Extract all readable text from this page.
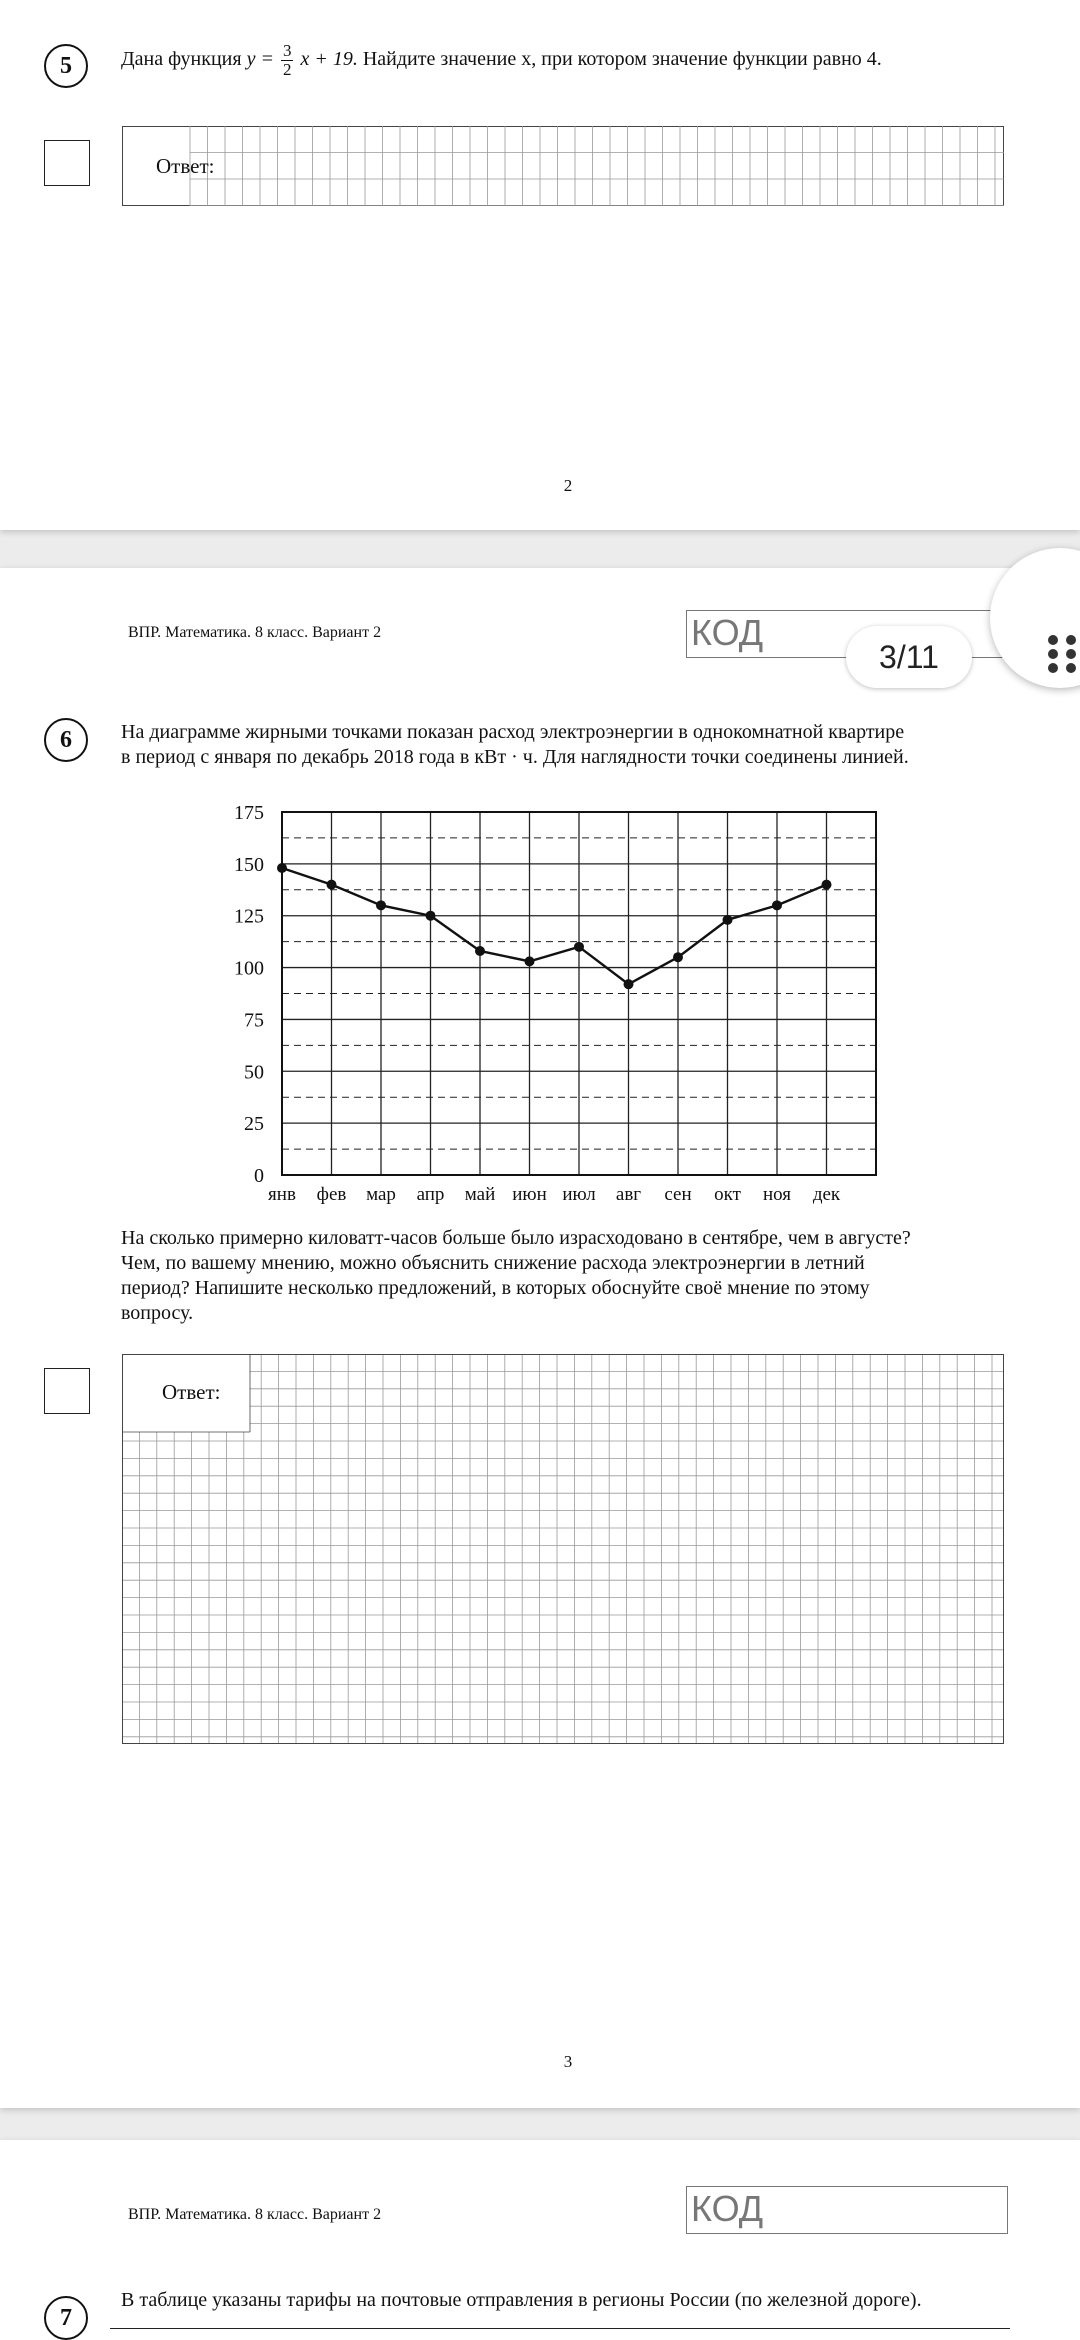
5	Дана функция $y = \frac{3}{2}$ x + 19. Найдите значение x, при котором значение функции равно 4.
Ответ:
2
ВПР. Математика. 8 класс. Вариант 2	КОД
6	На диаграмме жирными точками показан расход электроэнергии в однокомнатной квартире
в период с января по декабрь 2018 года в кВт · ч. Для наглядности точки соединены линией.
0
25
50
75
100
125
150
175
янв фев мар апр май июн июл авг сен окт ноя дек
На сколько примерно киловатт-часов больше было израсходовано в сентябре, чем в августе?
Чем, по вашему мнению, можно объяснить снижение расхода электроэнергии в летний
период? Напишите несколько предложений, в которых обоснуйте своё мнение по этому
вопросу.
Ответ:
3
ВПР. Математика. 8 класс. Вариант 2	КОД
7
В таблице указаны тарифы на почтовые отправления в регионы России (по железной дороге).
3/11
